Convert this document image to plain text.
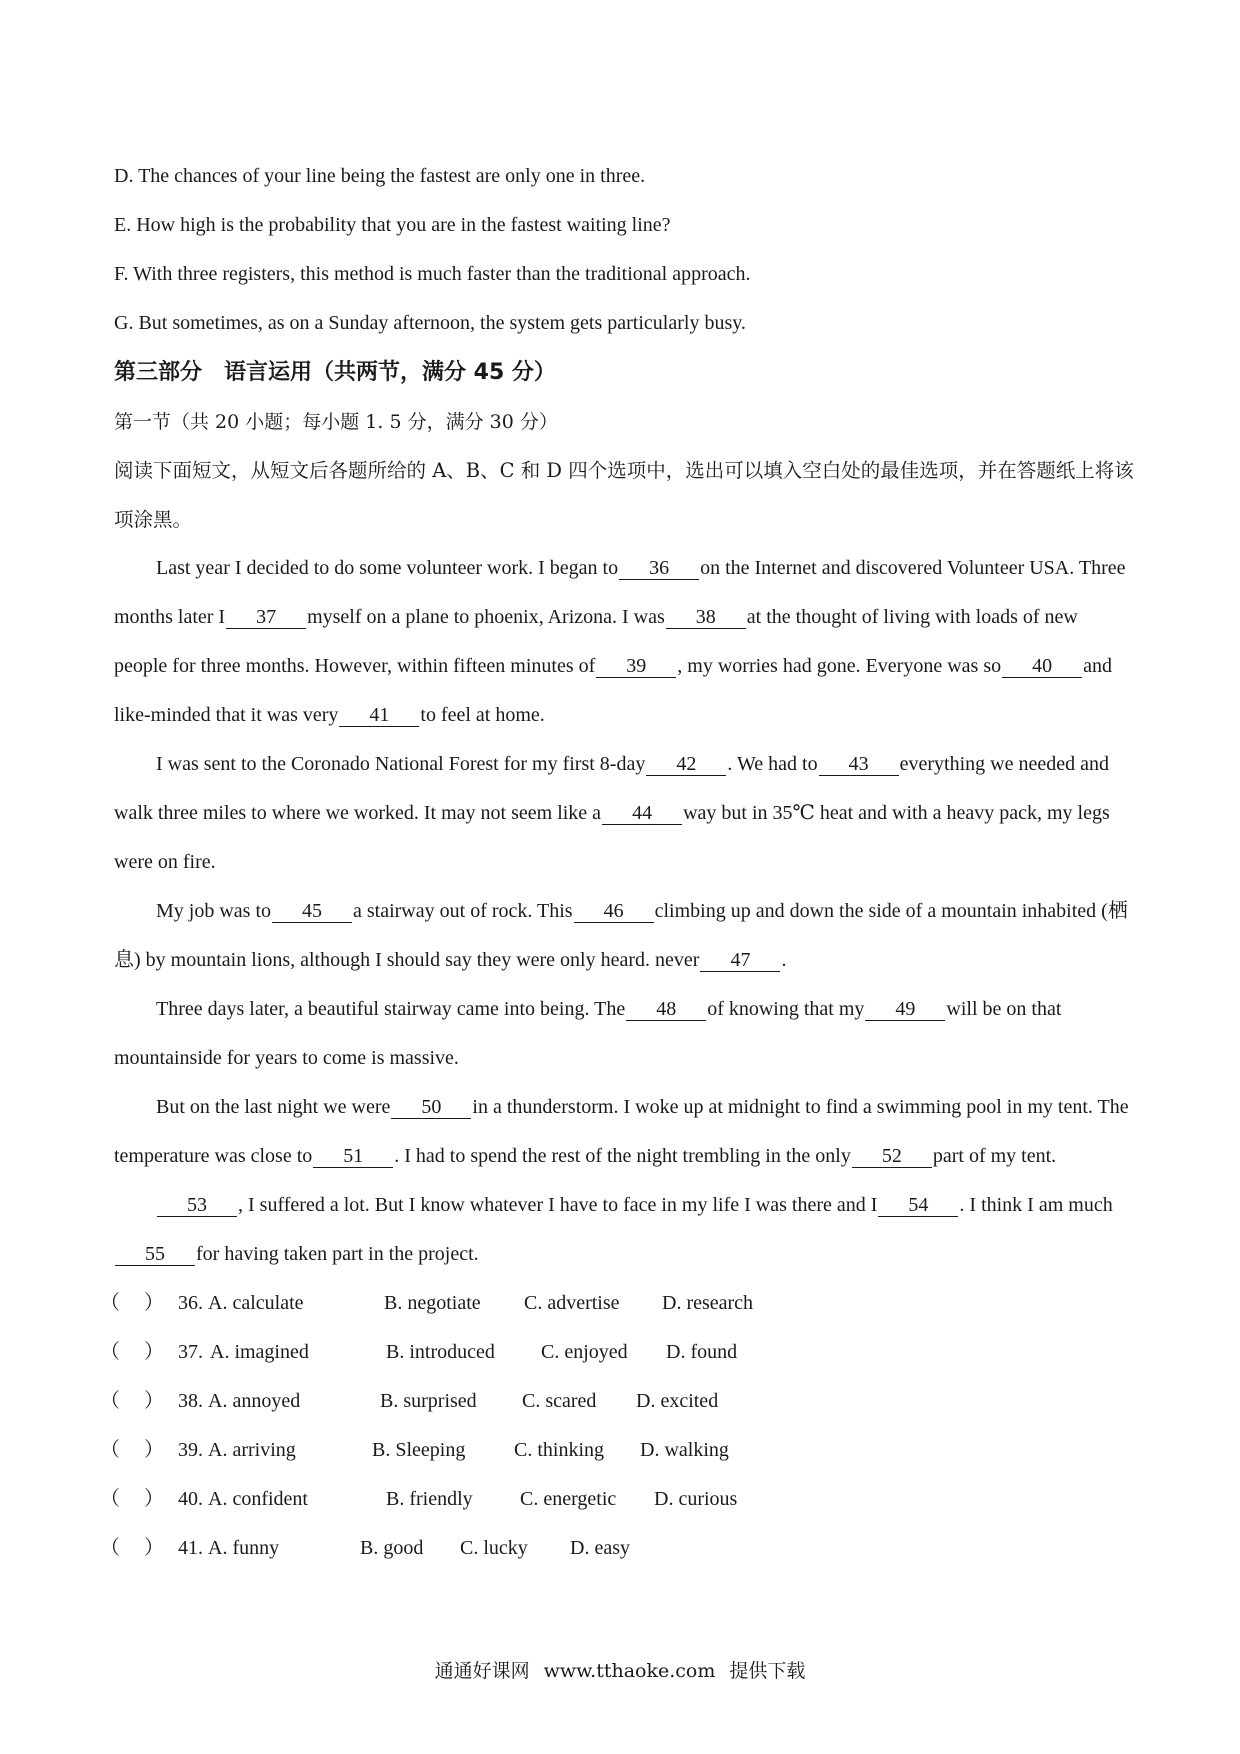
D. The chances of your line being the fastest are only one in three.
E. How high is the probability that you are in the fastest waiting line?
F. With three registers, this method is much faster than the traditional approach.
G. But sometimes, as on a Sunday afternoon, the system gets particularly busy.
第三部分　语言运用（共两节，满分 45 分）
第一节（共 20 小题；每小题 1. 5 分，满分 30 分）

阅读下面短文，从短文后各题所给的 A、B、C 和 D 四个选项中，选出可以填入空白处的最佳选项，并在答题纸上将该项涂黑。

Last year I decided to do some volunteer work. I began to 36 on the Internet and discovered Volunteer USA. Three months later I 37 myself on a plane to phoenix, Arizona. I was 38 at the thought of living with loads of new people for three months. However, within fifteen minutes of 39 , my worries had gone. Everyone was so 40 and like-minded that it was very 41 to feel at home.

I was sent to the Coronado National Forest for my first 8-day 42 . We had to 43 everything we needed and walk three miles to where we worked. It may not seem like a 44 way but in 35℃ heat and with a heavy pack, my legs were on fire.

My job was to 45 a stairway out of rock. This 46 climbing up and down the side of a mountain inhabited (栖息) by mountain lions, although I should say they were only heard. never 47 .

Three days later, a beautiful stairway came into being. The 48 of knowing that my 49 will be on that mountainside for years to come is massive.

But on the last night we were 50 in a thunderstorm. I woke up at midnight to find a swimming pool in my tent. The temperature was close to 51 . I had to spend the rest of the night trembling in the only 52 part of my tent.

53 , I suffered a lot. But I know whatever I have to face in my life I was there and I 54 . I think I am much55 for having taken part in the project.

（ ） 36. A. calculate	B. negotiate C. advertise D. research
（ ） 37. A. imagined	B. introduced C. enjoyed D. found
（ ） 38. A. annoyed	B. surprised C. scared D. excited
（ ） 39. A. arriving	B. Sleeping C. thinking D. walking
（ ） 40. A. confident	B. friendly C. energetic D. curious
（ ） 41. A. funny	B. good C. lucky D. easy
通通好课网 www.tthaoke.com 提供下载
